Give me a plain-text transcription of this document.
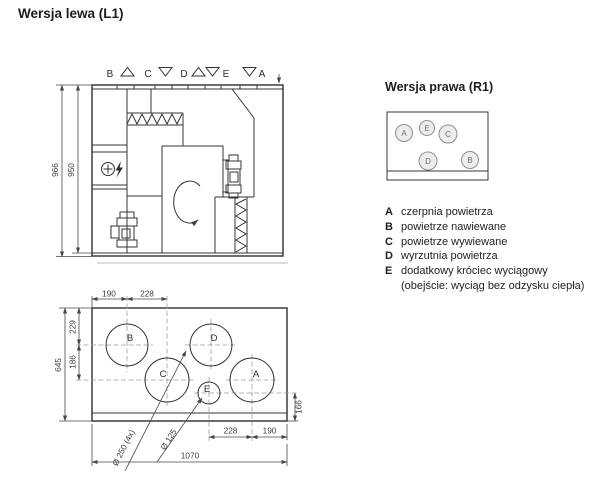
B	C	D	E	A
950
966
A
E
C
D	B
B	D
C	A
E
190	228
229
186
645
166
228	190
1070
Ø 250 (4x)	Ø 125
Wersja lewa (L1)
Wersja prawa (R1)
A czerpnia powietrza
B powietrze nawiewane
C powietrze wywiewane
D wyrzutnia powietrza
E dodatkowy króciec wyciągowy
(obejście: wyciąg bez odzysku ciepła)
